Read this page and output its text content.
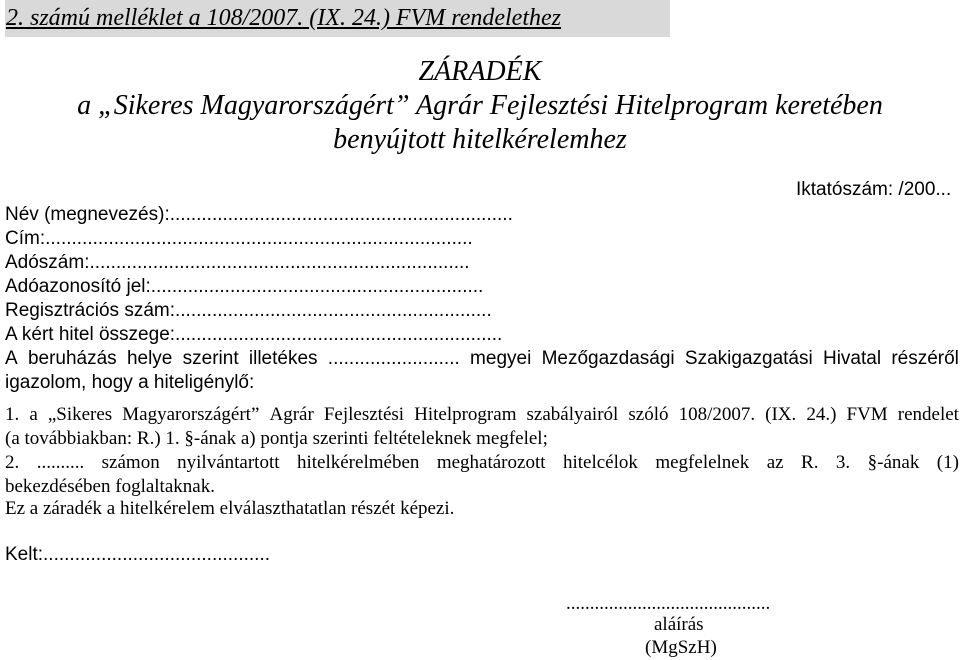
2. számú melléklet a 108/2007. (IX. 24.) FVM rendelethez
ZÁRADÉK
a „Sikeres Magyarországért” Agrár Fejlesztési Hitelprogram keretében
benyújtott hitelkérelemhez
Iktatószám: /200...
Név (megnevezés):.................................................................
Cím:.................................................................................
Adószám:........................................................................
Adóazonosító jel:...............................................................
Regisztrációs szám:............................................................
A kért hitel összege:..............................................................
A beruházás helye szerint illetékes ......................... megyei Mezőgazdasági Szakigazgatási Hivatal részéről
igazolom, hogy a hiteligénylő:
1. a „Sikeres Magyarországért” Agrár Fejlesztési Hitelprogram szabályairól szóló 108/2007. (IX. 24.) FVM rendelet
(a továbbiakban: R.) 1. §-ának a) pontja szerinti feltételeknek megfelel;
2. .......... számon nyilvántartott hitelkérelmében meghatározott hitelcélok megfelelnek az R. 3. §-ának (1)
bekezdésében foglaltaknak.
Ez a záradék a hitelkérelem elválaszthatatlan részét képezi.
Kelt:...........................................
...........................................
aláírás
(MgSzH)
